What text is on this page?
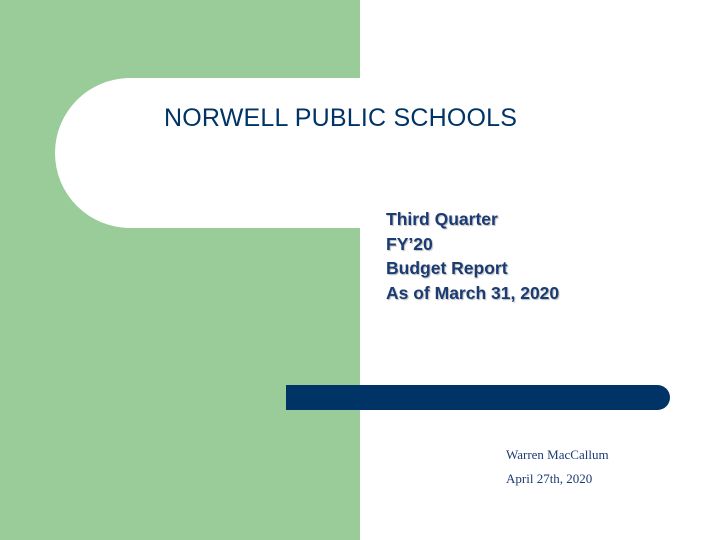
NORWELL PUBLIC SCHOOLS
Third Quarter
FY’20
Budget Report
As of March 31, 2020
Warren MacCallum
April 27th, 2020
